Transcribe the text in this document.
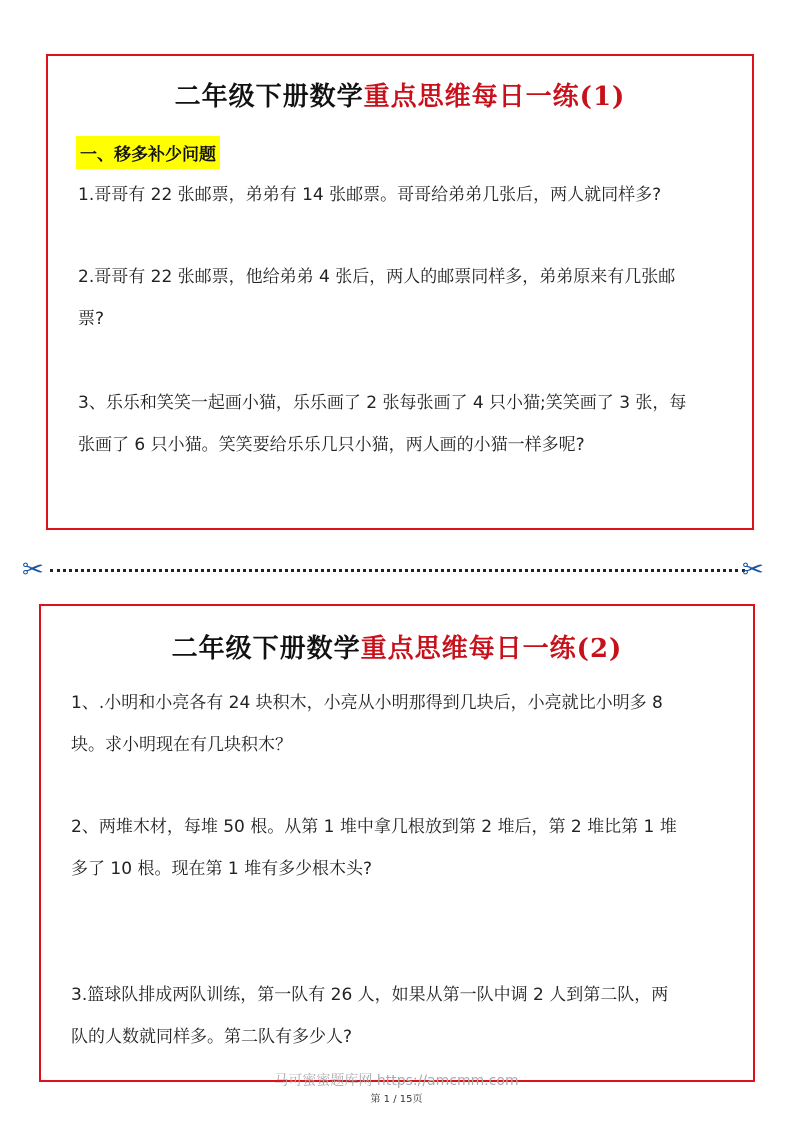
二年级下册数学重点思维每日一练(1)
一、移多补少问题
1.哥哥有 22 张邮票，弟弟有 14 张邮票。哥哥给弟弟几张后，两人就同样多?
2.哥哥有 22 张邮票，他给弟弟 4 张后，两人的邮票同样多，弟弟原来有几张邮
票?
3、乐乐和笑笑一起画小猫，乐乐画了 2 张每张画了 4 只小猫;笑笑画了 3 张，每
张画了 6 只小猫。笑笑要给乐乐几只小猫，两人画的小猫一样多呢?
✂	✂
二年级下册数学重点思维每日一练(2)
1、.小明和小亮各有 24 块积木，小亮从小明那得到几块后，小亮就比小明多 8
块。求小明现在有几块积木？
2、两堆木材，每堆 50 根。从第 1 堆中拿几根放到第 2 堆后，第 2 堆比第 1 堆
多了 10 根。现在第 1 堆有多少根木头?
3.篮球队排成两队训练，第一队有 26 人，如果从第一队中调 2 人到第二队，两
队的人数就同样多。第二队有多少人?
马可蜜蜜题库网 https://amcmm.com
第 1 / 15页
